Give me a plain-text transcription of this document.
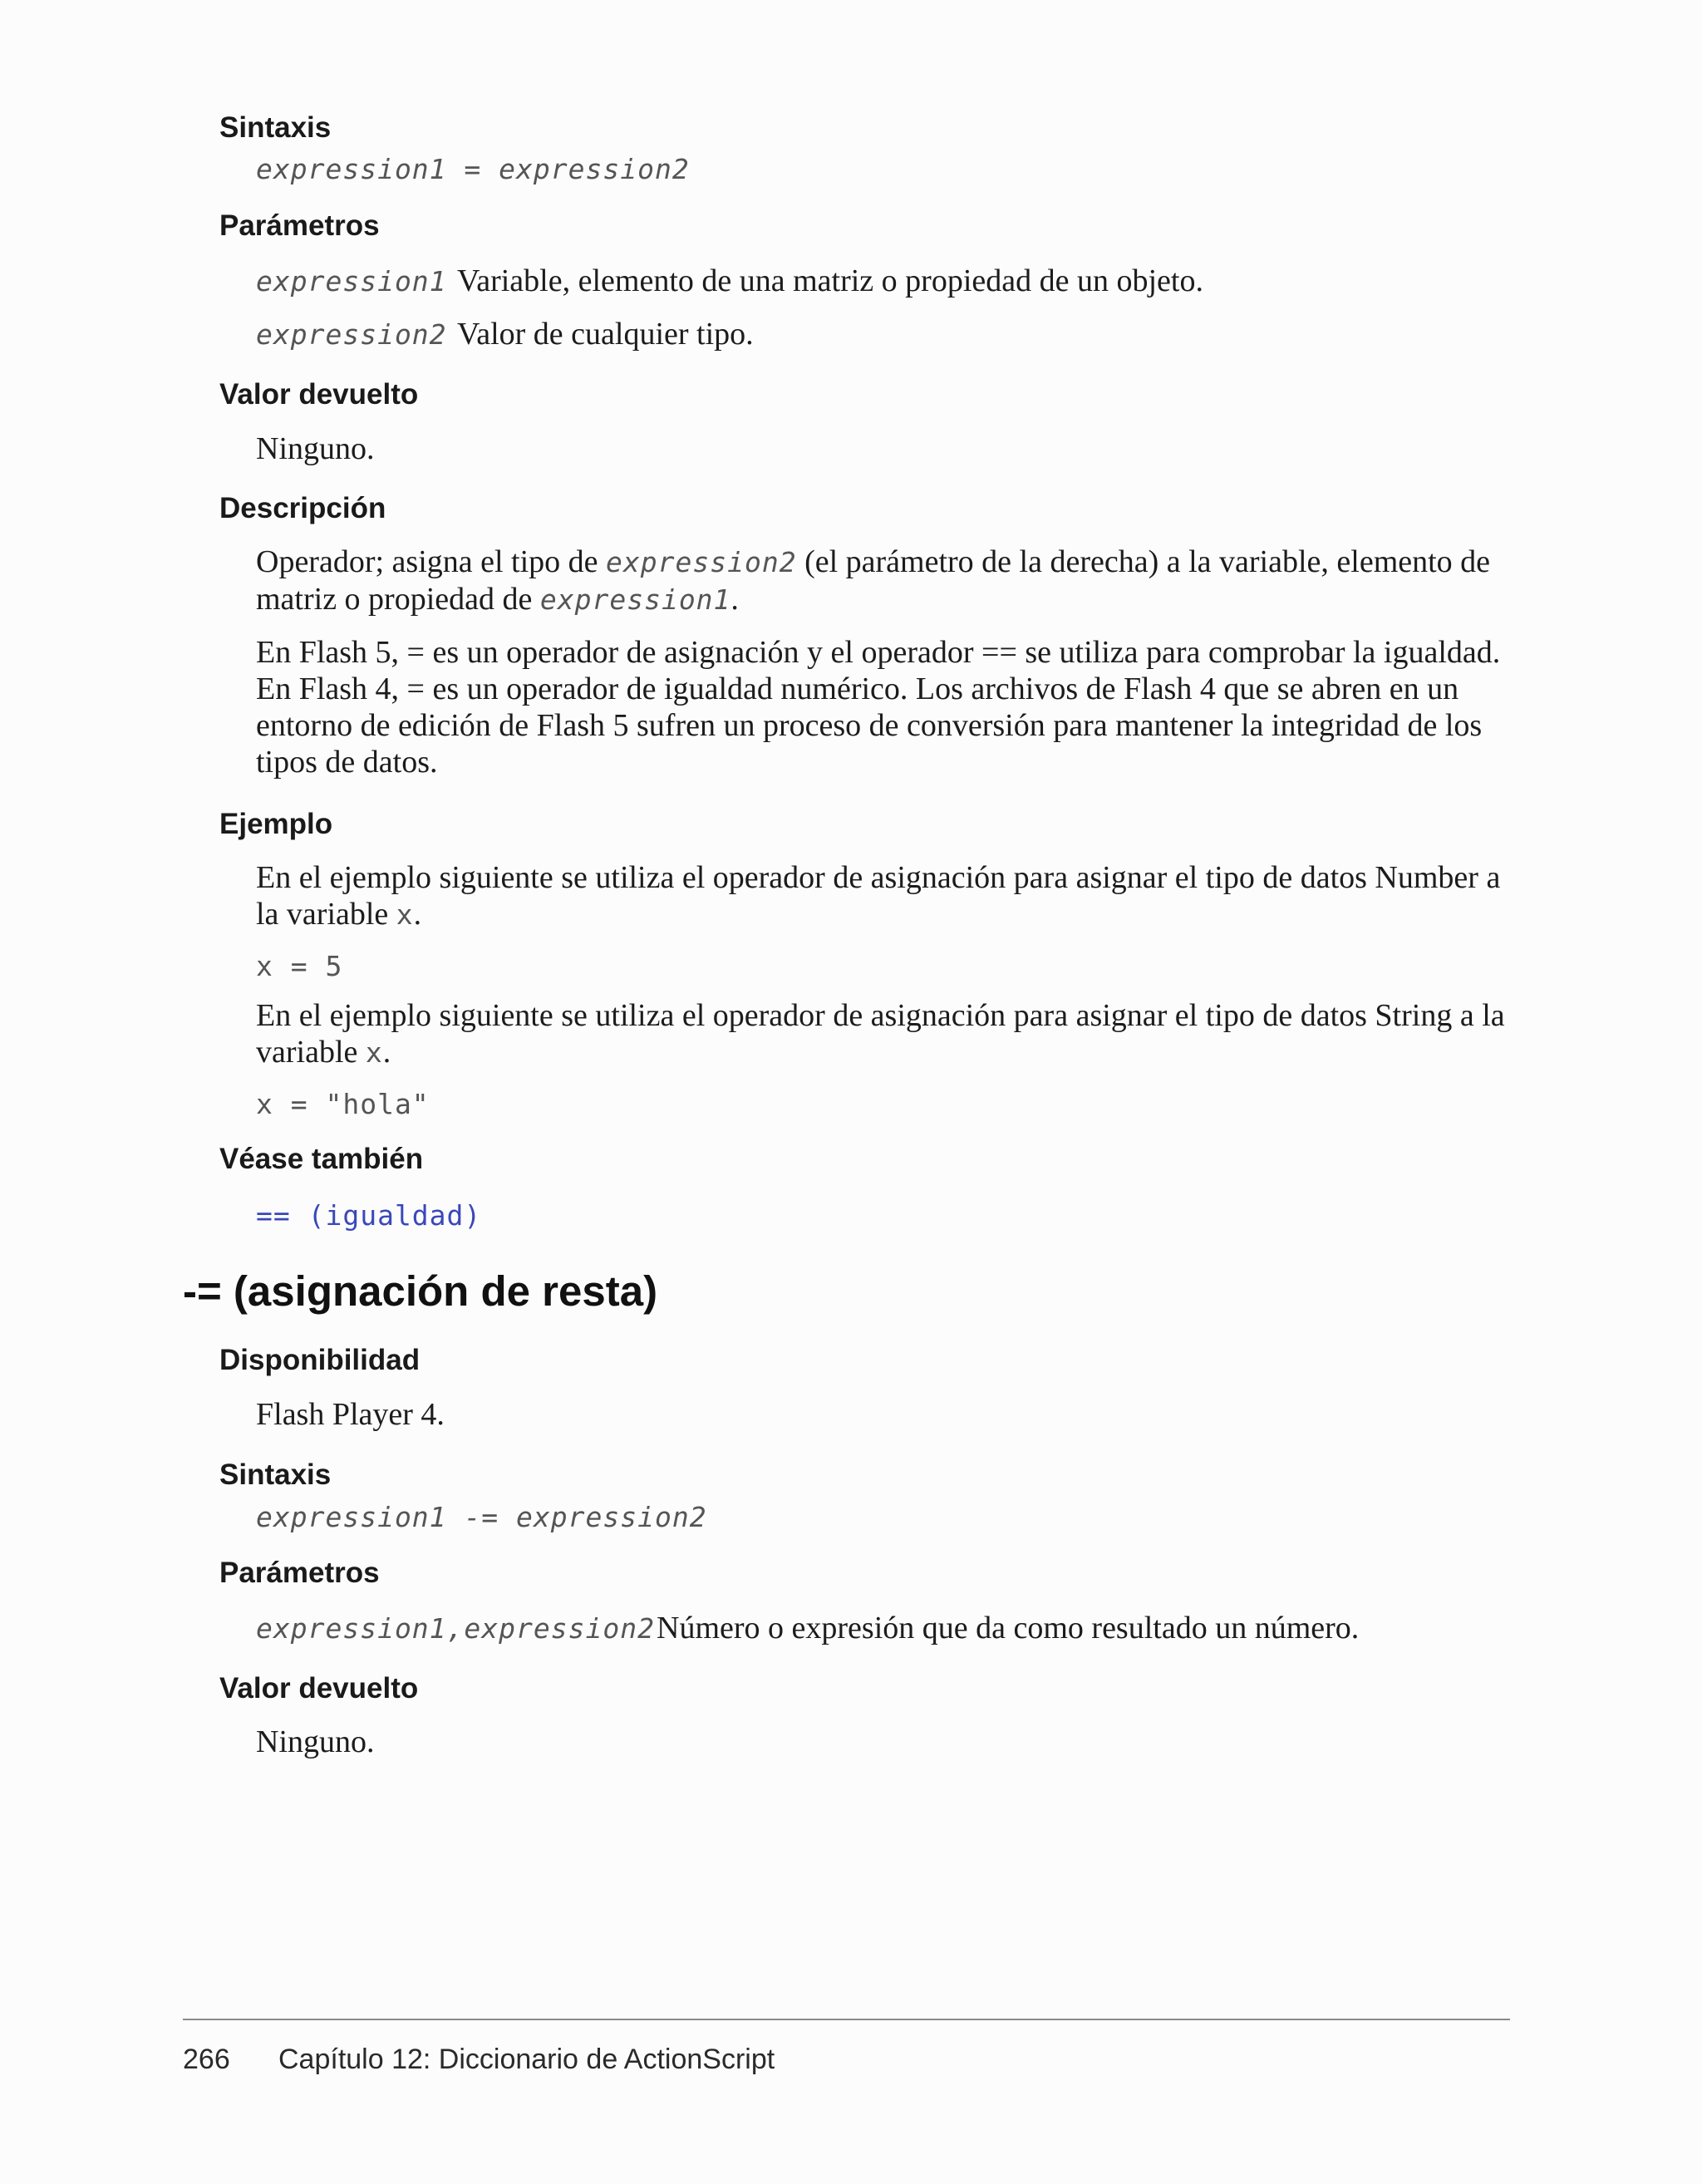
Sintaxis
expression1 = expression2
Parámetros
expression1 Variable, elemento de una matriz o propiedad de un objeto.
expression2 Valor de cualquier tipo.
Valor devuelto
Ninguno.
Descripción

Operador; asigna el tipo de expression2 (el parámetro de la derecha) a la variable, elemento de matriz o propiedad de expression1.

En Flash 5, = es un operador de asignación y el operador == se utiliza para comprobar la igualdad. En Flash 4, = es un operador de igualdad numérico. Los archivos de Flash 4 que se abren en un entorno de edición de Flash 5 sufren un proceso de conversión para mantener la integridad de los tipos de datos.

Ejemplo

En el ejemplo siguiente se utiliza el operador de asignación para asignar el tipo de datos Number a la variable x.

x = 5

En el ejemplo siguiente se utiliza el operador de asignación para asignar el tipo de datos String a la variable x.

x = "hola"
Véase también
== (igualdad)
-= (asignación de resta)
Disponibilidad
Flash Player 4.
Sintaxis
expression1 -= expression2
Parámetros
expression1,expression2Número o expresión que da como resultado un número.
Valor devuelto
Ninguno.
266 Capítulo 12: Diccionario de ActionScript
